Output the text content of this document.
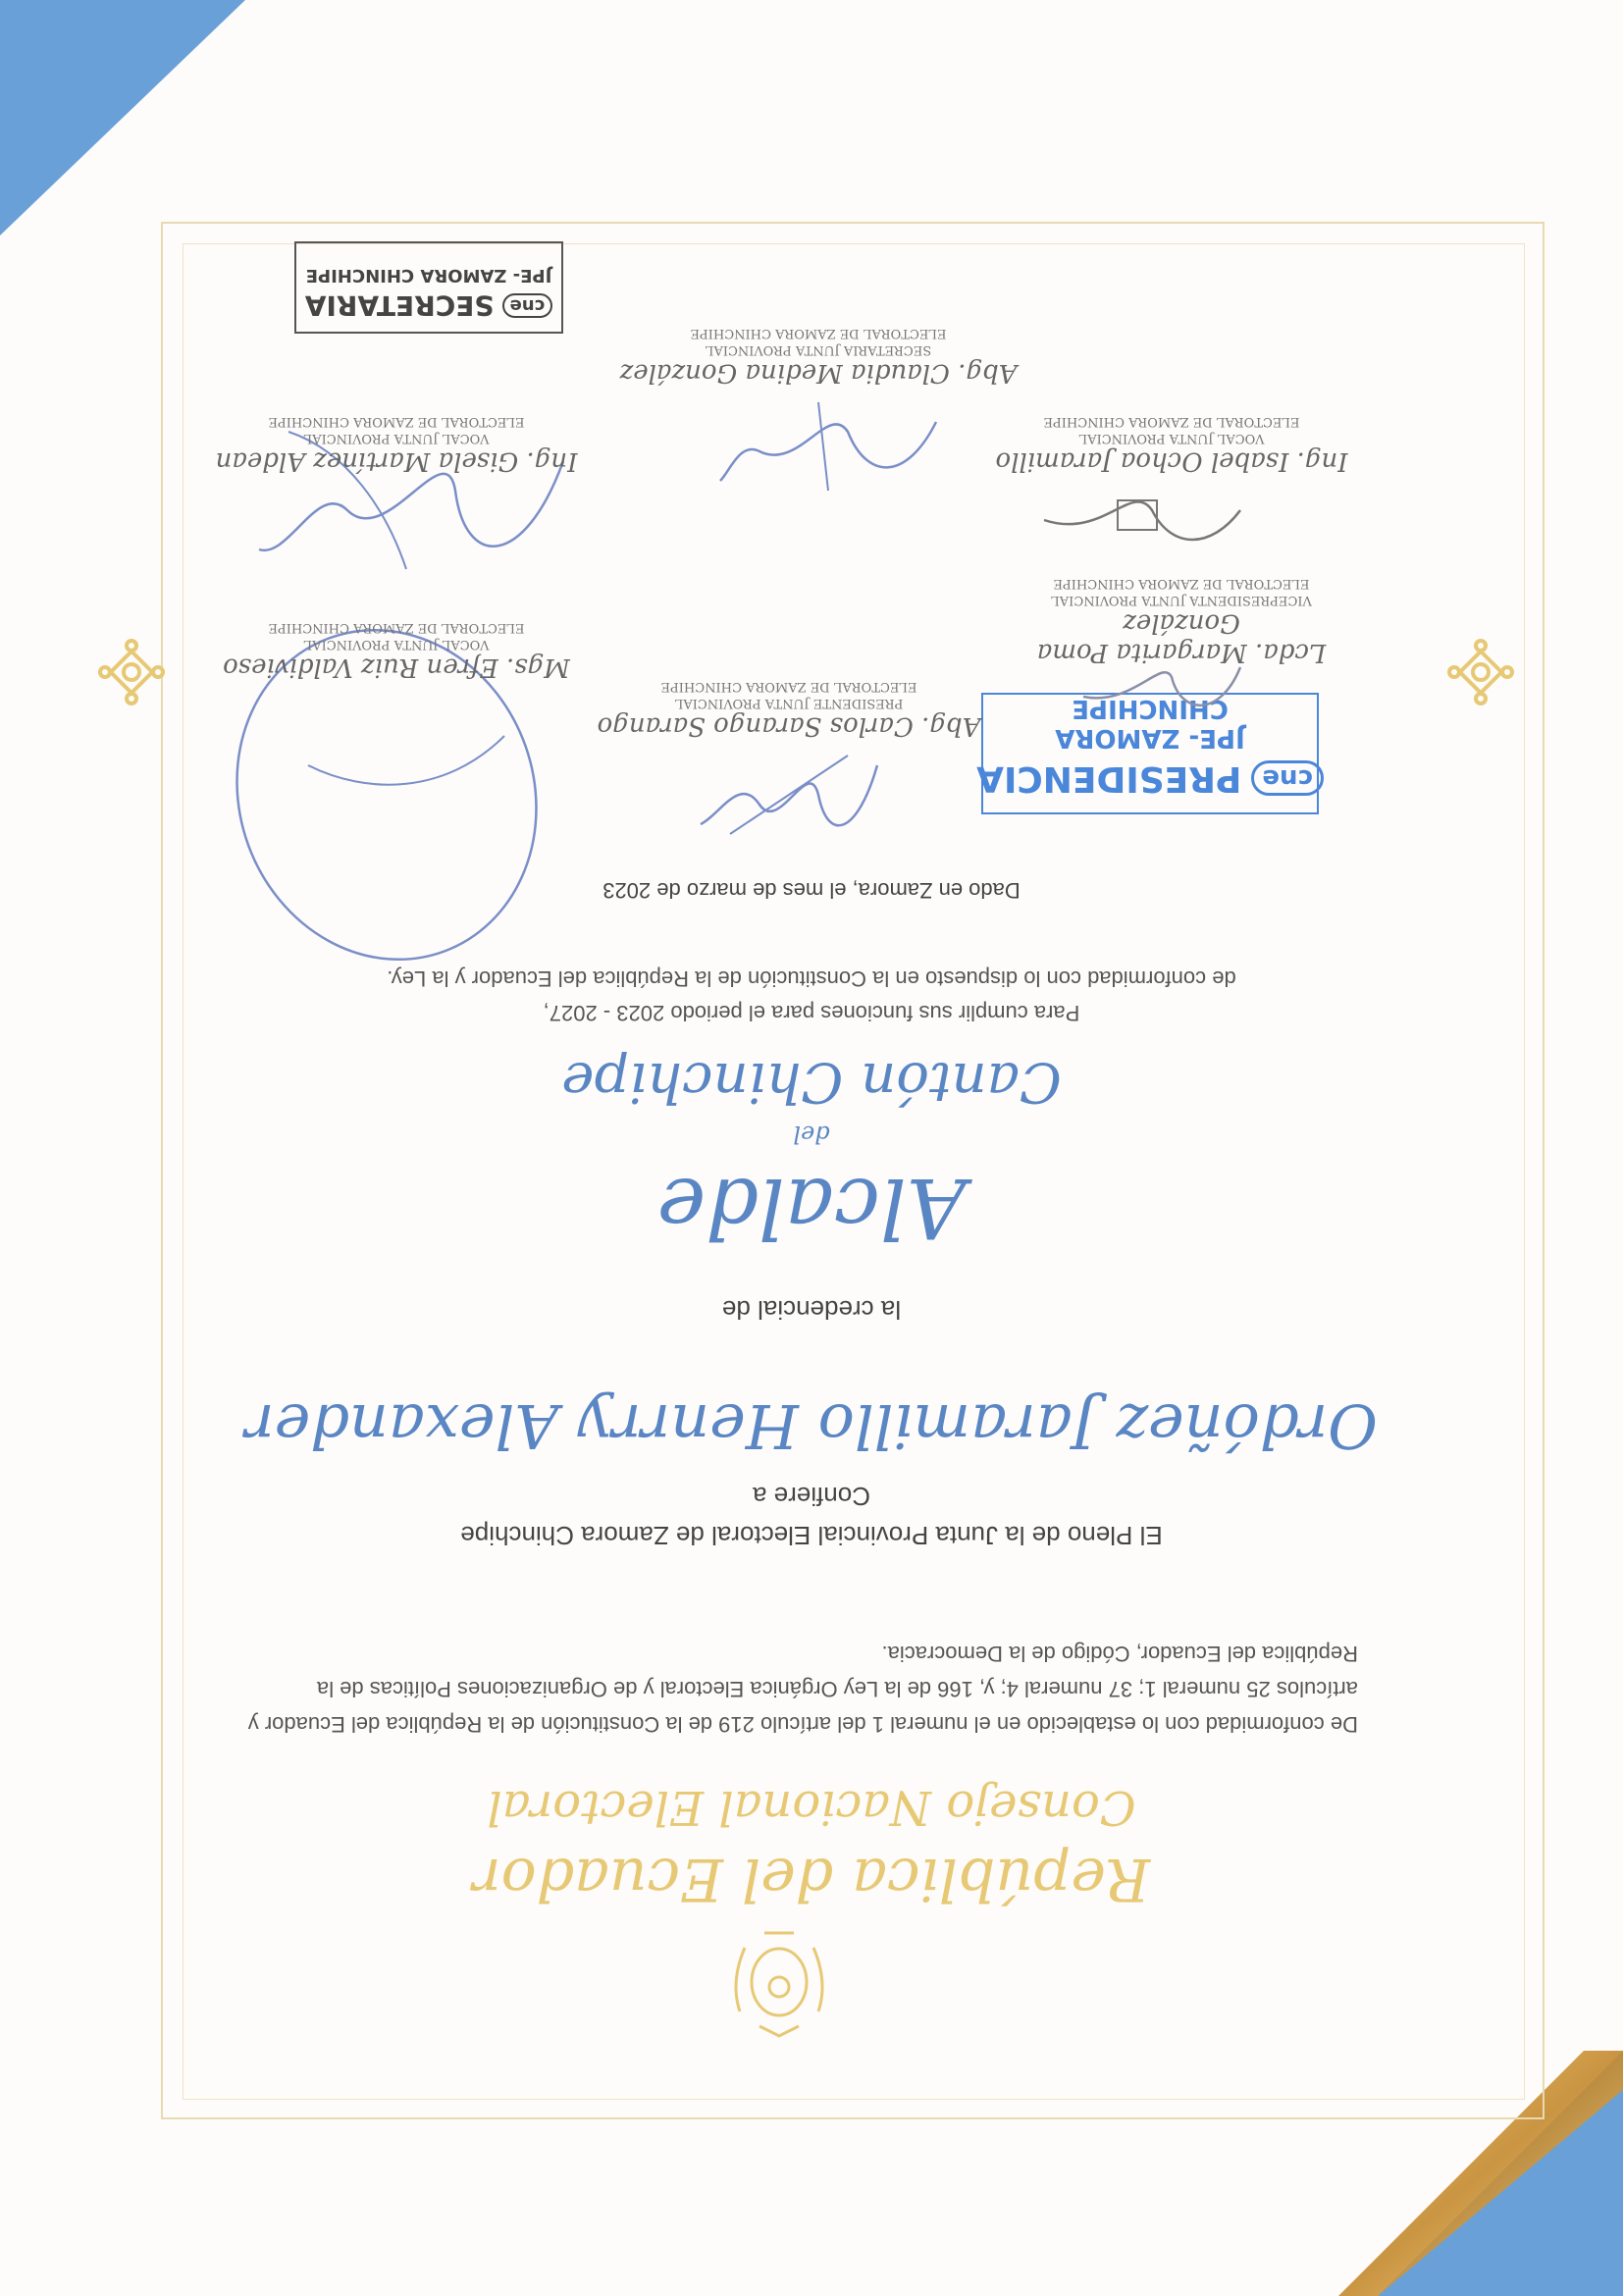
República del Ecuador
Consejo Nacional Electoral
De conformidad con lo establecido en el numeral 1 del artículo 219 de la Constitución de la República del Ecuador y artículos 25 numeral 1; 37 numeral 4; y, 166 de la Ley Orgánica Electoral y de Organizaciones Políticas de la República del Ecuador, Código de la Democracia.
El Pleno de la Junta Provincial Electoral de Zamora Chinchipe
Confiere a
Ordóñez Jaramillo Henrry Alexander
la credencial de
Alcalde
del
Cantón Chinchipe
Para cumplir sus funciones para el periodo 2023 - 2027,
de conformidad con lo dispuesto en la Constitución de la República del Ecuador y la Ley.
Dado en Zamora, el mes de marzo de 2023
cne
PRESIDENCIA
JPE- ZAMORA CHINCHIPE
Abg. Carlos Sarango Sarango
PRESIDENTE JUNTA PROVINCIAL
ELECTORAL DE ZAMORA CHINCHIPE
Lcda. Margarita Poma González
VICEPRESIDENTA JUNTA PROVINCIAL
ELECTORAL DE ZAMORA CHINCHIPE
Mgs. Efren Ruiz Valdivieso
VOCAL JUNTA PROVINCIAL
ELECTORAL DE ZAMORA CHINCHIPE
Ing. Isabel Ochoa Jaramillo
VOCAL JUNTA PROVINCIAL
ELECTORAL DE ZAMORA CHINCHIPE
Ing. Gisela Martínez Aldean
VOCAL JUNTA PROVINCIAL
ELECTORAL DE ZAMORA CHINCHIPE
Abg. Claudia Medina González
SECRETARIA JUNTA PROVINCIAL
ELECTORAL DE ZAMORA CHINCHIPE
cne
SECRETARIA
JPE- ZAMORA CHINCHIPE
